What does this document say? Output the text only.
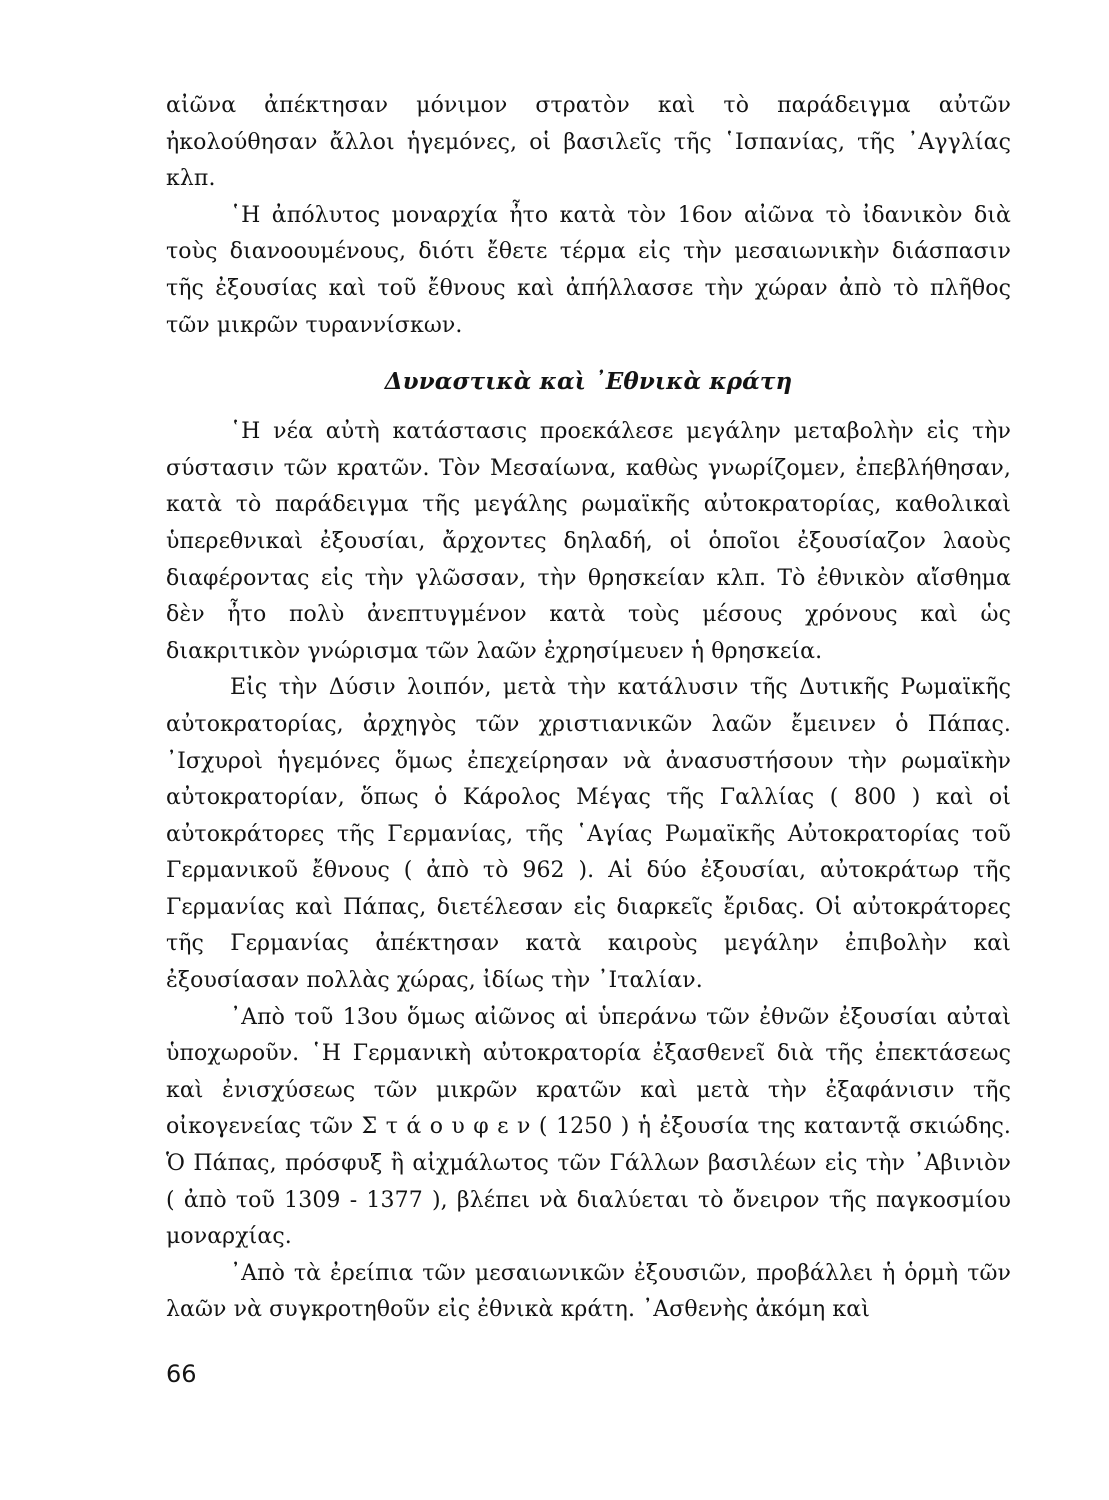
αἰῶνα ἀπέκτησαν μόνιμον στρατὸν καὶ τὸ παράδειγμα αὐτῶν ἠκολούθησαν ἄλλοι ἡγεμόνες, οἱ βασιλεῖς τῆς ῾Ισπανίας, τῆς ᾿Αγγλίας κλπ.

῾Η ἀπόλυτος μοναρχία ἦτο κατὰ τὸν 16ον αἰῶνα τὸ ἰδανικὸν διὰ τοὺς διανοουμένους, διότι ἔθετε τέρμα εἰς τὴν μεσαιωνικὴν διάσπασιν τῆς ἐξουσίας καὶ τοῦ ἔθνους καὶ ἀπήλλασσε τὴν χώραν ἀπὸ τὸ πλῆθος τῶν μικρῶν τυραννίσκων.

Δυναστικὰ καὶ ᾿Εθνικὰ κράτη

῾Η νέα αὐτὴ κατάστασις προεκάλεσε μεγάλην μεταβολὴν εἰς τὴν σύστασιν τῶν κρατῶν. Τὸν Μεσαίωνα, καθὼς γνωρίζομεν, ἐπεβλήθησαν, κατὰ τὸ παράδειγμα τῆς μεγάλης ρωμαϊκῆς αὐτοκρατορίας, καθολικαὶ ὑπερεθνικαὶ ἐξουσίαι, ἄρχοντες δηλαδή, οἱ ὁποῖοι ἐξουσίαζον λαοὺς διαφέροντας εἰς τὴν γλῶσσαν, τὴν θρησκείαν κλπ. Τὸ ἐθνικὸν αἴσθημα δὲν ἦτο πολὺ ἀνεπτυγμένον κατὰ τοὺς μέσους χρόνους καὶ ὡς διακριτικὸν γνώρισμα τῶν λαῶν ἐχρησίμευεν ἡ θρησκεία.

Εἰς τὴν Δύσιν λοιπόν, μετὰ τὴν κατάλυσιν τῆς Δυτικῆς Ρωμαϊκῆς αὐτοκρατορίας, ἀρχηγὸς τῶν χριστιανικῶν λαῶν ἔμεινεν ὁ Πάπας. ᾿Ισχυροὶ ἡγεμόνες ὅμως ἐπεχείρησαν νὰ ἀνασυστήσουν τὴν ρωμαϊκὴν αὐτοκρατορίαν, ὅπως ὁ Κάρολος Μέγας τῆς Γαλλίας ( 800 ) καὶ οἱ αὐτοκράτορες τῆς Γερμανίας, τῆς ῾Αγίας Ρωμαϊκῆς Αὐτοκρατορίας τοῦ Γερμανικοῦ ἔθνους ( ἀπὸ τὸ 962 ). Αἱ δύο ἐξουσίαι, αὐτοκράτωρ τῆς Γερμανίας καὶ Πάπας, διετέλεσαν εἰς διαρκεῖς ἔριδας. Οἱ αὐτοκράτορες τῆς Γερμανίας ἀπέκτησαν κατὰ καιροὺς μεγάλην ἐπιβολὴν καὶ ἐξουσίασαν πολλὰς χώρας, ἰδίως τὴν ᾿Ιταλίαν.

᾿Απὸ τοῦ 13ου ὅμως αἰῶνος αἱ ὑπεράνω τῶν ἐθνῶν ἐξουσίαι αὐταὶ ὑποχωροῦν. ῾Η Γερμανικὴ αὐτοκρατορία ἐξασθενεῖ διὰ τῆς ἐπεκτάσεως καὶ ἐνισχύσεως τῶν μικρῶν κρατῶν καὶ μετὰ τὴν ἐξαφάνισιν τῆς οἰκογενείας τῶν Σ τ ά ο υ φ ε ν ( 1250 ) ἡ ἐξουσία της καταντᾷ σκιώδης. Ὁ Πάπας, πρόσφυξ ἢ αἰχμάλωτος τῶν Γάλλων βασιλέων εἰς τὴν ᾿Αβινιὸν ( ἀπὸ τοῦ 1309 - 1377 ), βλέπει νὰ διαλύεται τὸ ὄνειρον τῆς παγκοσμίου μοναρχίας.

᾿Απὸ τὰ ἐρείπια τῶν μεσαιωνικῶν ἐξουσιῶν, προβάλλει ἡ ὁρμὴ τῶν λαῶν νὰ συγκροτηθοῦν εἰς ἐθνικὰ κράτη. ᾿Ασθενὴς ἀκόμη καὶ

66
